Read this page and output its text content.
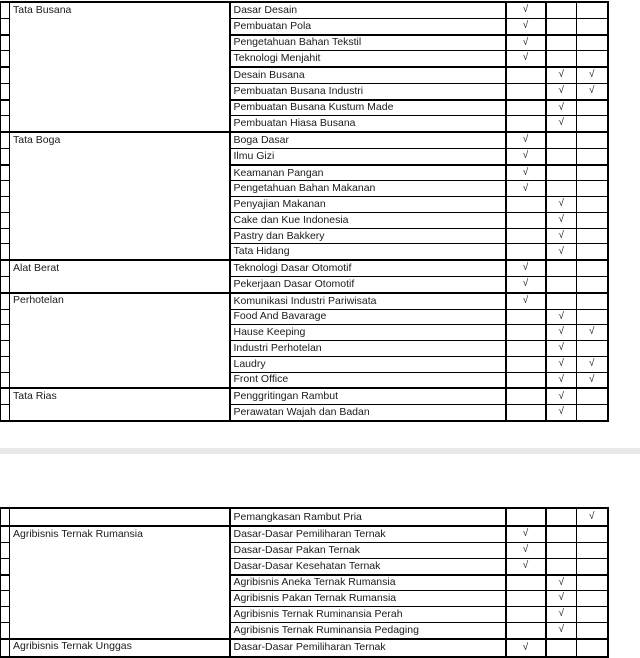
	Tata Busana	Dasar Desain	√		
		Pembuatan Pola	√		
		Pengetahuan Bahan Tekstil	√		
		Teknologi Menjahit	√		
		Desain Busana		√	√
		Pembuatan Busana Industri		√	√
		Pembuatan Busana Kustum Made		√	
		Pembuatan Hiasa Busana		√	
	Tata Boga	Boga Dasar	√		
		Ilmu Gizi	√		
		Keamanan Pangan	√		
		Pengetahuan Bahan Makanan	√		
		Penyajian Makanan		√	
		Cake dan Kue Indonesia		√	
		Pastry dan Bakkery		√	
		Tata Hidang		√	
	Alat Berat	Teknologi Dasar Otomotif	√		
		Pekerjaan Dasar Otomotif	√		
	Perhotelan	Komunikasi Industri Pariwisata	√		
		Food And Bavarage		√	
		Hause Keeping		√	√
		Industri Perhotelan		√	
		Laudry		√	√
		Front Office		√	√
	Tata Rias	Penggritingan Rambut		√	
		Perawatan Wajah dan Badan		√	
		Pemangkasan Rambut Pria			√
	Agribisnis Ternak Rumansia	Dasar-Dasar Pemiliharan Ternak	√		
		Dasar-Dasar Pakan Ternak	√		
		Dasar-Dasar Kesehatan Ternak	√		
		Agribisnis Aneka Ternak Rumansia		√	
		Agribisnis Pakan Ternak Rumansia		√	
		Agribisnis Ternak Ruminansia Perah		√	
		Agribisnis Ternak Ruminansia Pedaging		√	
	Agribisnis Ternak Unggas	Dasar-Dasar Pemiliharan Ternak	√		
